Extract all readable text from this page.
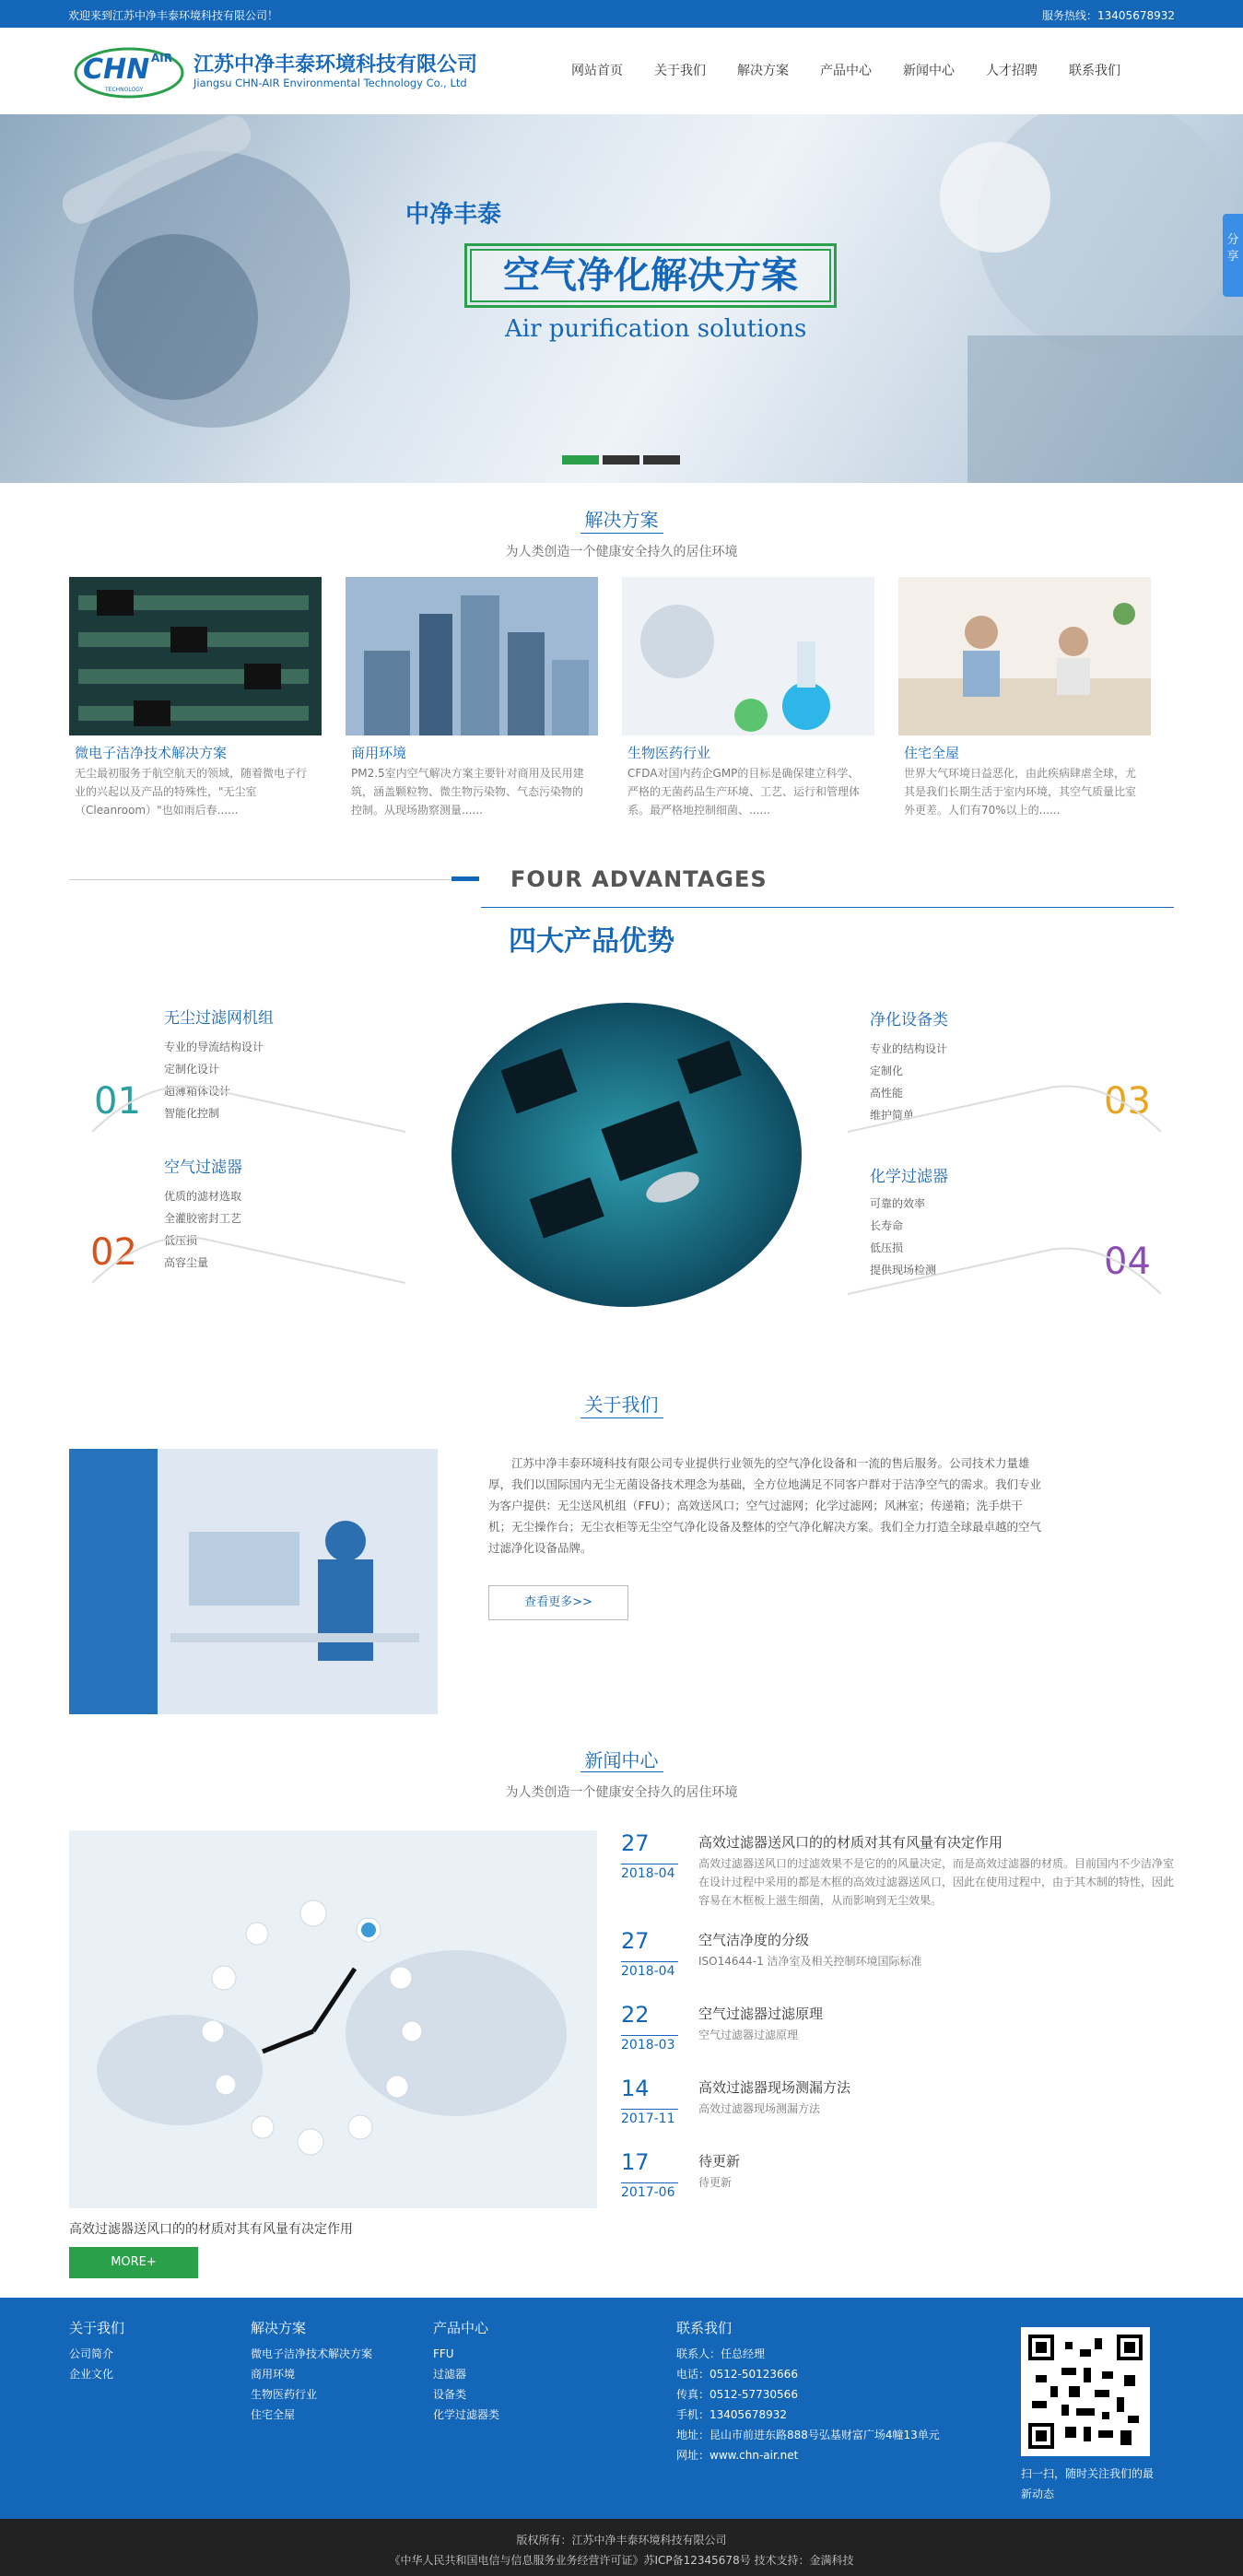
欢迎来到江苏中净丰泰环境科技有限公司！	服务热线：13405678932
CHN AIR
TECHNOLOGY
江苏中净丰泰环境科技有限公司
Jiangsu CHN-AIR Environmental Technology Co., Ltd
网站首页 关于我们 解决方案 产品中心 新闻中心 人才招聘 联系我们
中净丰泰
空气净化解决方案
Air purification solutions
分享
解决方案
为人类创造一个健康安全持久的居住环境
微电子洁净技术解决方案
无尘最初服务于航空航天的领域，随着微电子行业的兴起以及产品的特殊性，"无尘室（Cleanroom）"也如雨后春......
商用环境
PM2.5室内空气解决方案主要针对商用及民用建筑，涵盖颗粒物、微生物污染物、气态污染物的控制。从现场勘察测量......
生物医药行业
CFDA对国内药企GMP的目标是确保建立科学、严格的无菌药品生产环境、工艺、运行和管理体系。最严格地控制细菌、......
住宅全屋
世界大气环境日益恶化，由此疾病肆虐全球，尤其是我们长期生活于室内环境，其空气质量比室外更差。人们有70%以上的......
FOUR ADVANTAGES
四大产品优势
无尘过滤网机组
专业的导流结构设计
定制化设计
超薄箱体设计
智能化控制
01
空气过滤器
优质的滤材选取
全灌胶密封工艺
低压损
高容尘量
02
净化设备类
专业的结构设计
定制化
高性能
维护简单	03
化学过滤器
可靠的效率
长寿命
低压损
提供现场检测	04
关于我们
江苏中净丰泰环境科技有限公司专业提供行业领先的空气净化设备和一流的售后服务。公司技术力量雄厚，我们以国际国内无尘无菌设备技术理念为基础，全方位地满足不同客户群对于洁净空气的需求。我们专业为客户提供：无尘送风机组（FFU）；高效送风口；空气过滤网；化学过滤网；风淋室；传递箱；洗手烘干机；无尘操作台；无尘衣柜等无尘空气净化设备及整体的空气净化解决方案。我们全力打造全球最卓越的空气过滤净化设备品牌。
查看更多>>
新闻中心
为人类创造一个健康安全持久的居住环境
高效过滤器送风口的的材质对其有风量有决定作用
MORE+
27
2018-04
高效过滤器送风口的的材质对其有风量有决定作用
高效过滤器送风口的过滤效果不是它的的风量决定，而是高效过滤器的材质。目前国内不少洁净室在设计过程中采用的都是木框的高效过滤器送风口，因此在使用过程中，由于其木制的特性，因此容易在木框板上滋生细菌，从而影响到无尘效果。
27
2018-04
空气洁净度的分级
ISO14644-1 洁净室及相关控制环境国际标准
22
2018-03
空气过滤器过滤原理
空气过滤器过滤原理
14
2017-11
高效过滤器现场测漏方法
高效过滤器现场测漏方法
17
2017-06
待更新
待更新
关于我们
公司简介
企业文化
解决方案
微电子洁净技术解决方案
商用环境
生物医药行业
住宅全屋
产品中心
FFU
过滤器
设备类
化学过滤器类
联系我们
联系人：任总经理
电话：0512-50123666
传真：0512-57730566
手机：13405678932
地址：昆山市前进东路888号弘基财富广场4幢13单元
网址：www.chn-air.net
扫一扫，随时关注我们的最新动态
版权所有：江苏中净丰泰环境科技有限公司
《中华人民共和国电信与信息服务业务经营许可证》苏ICP备12345678号 技术支持：金满科技
